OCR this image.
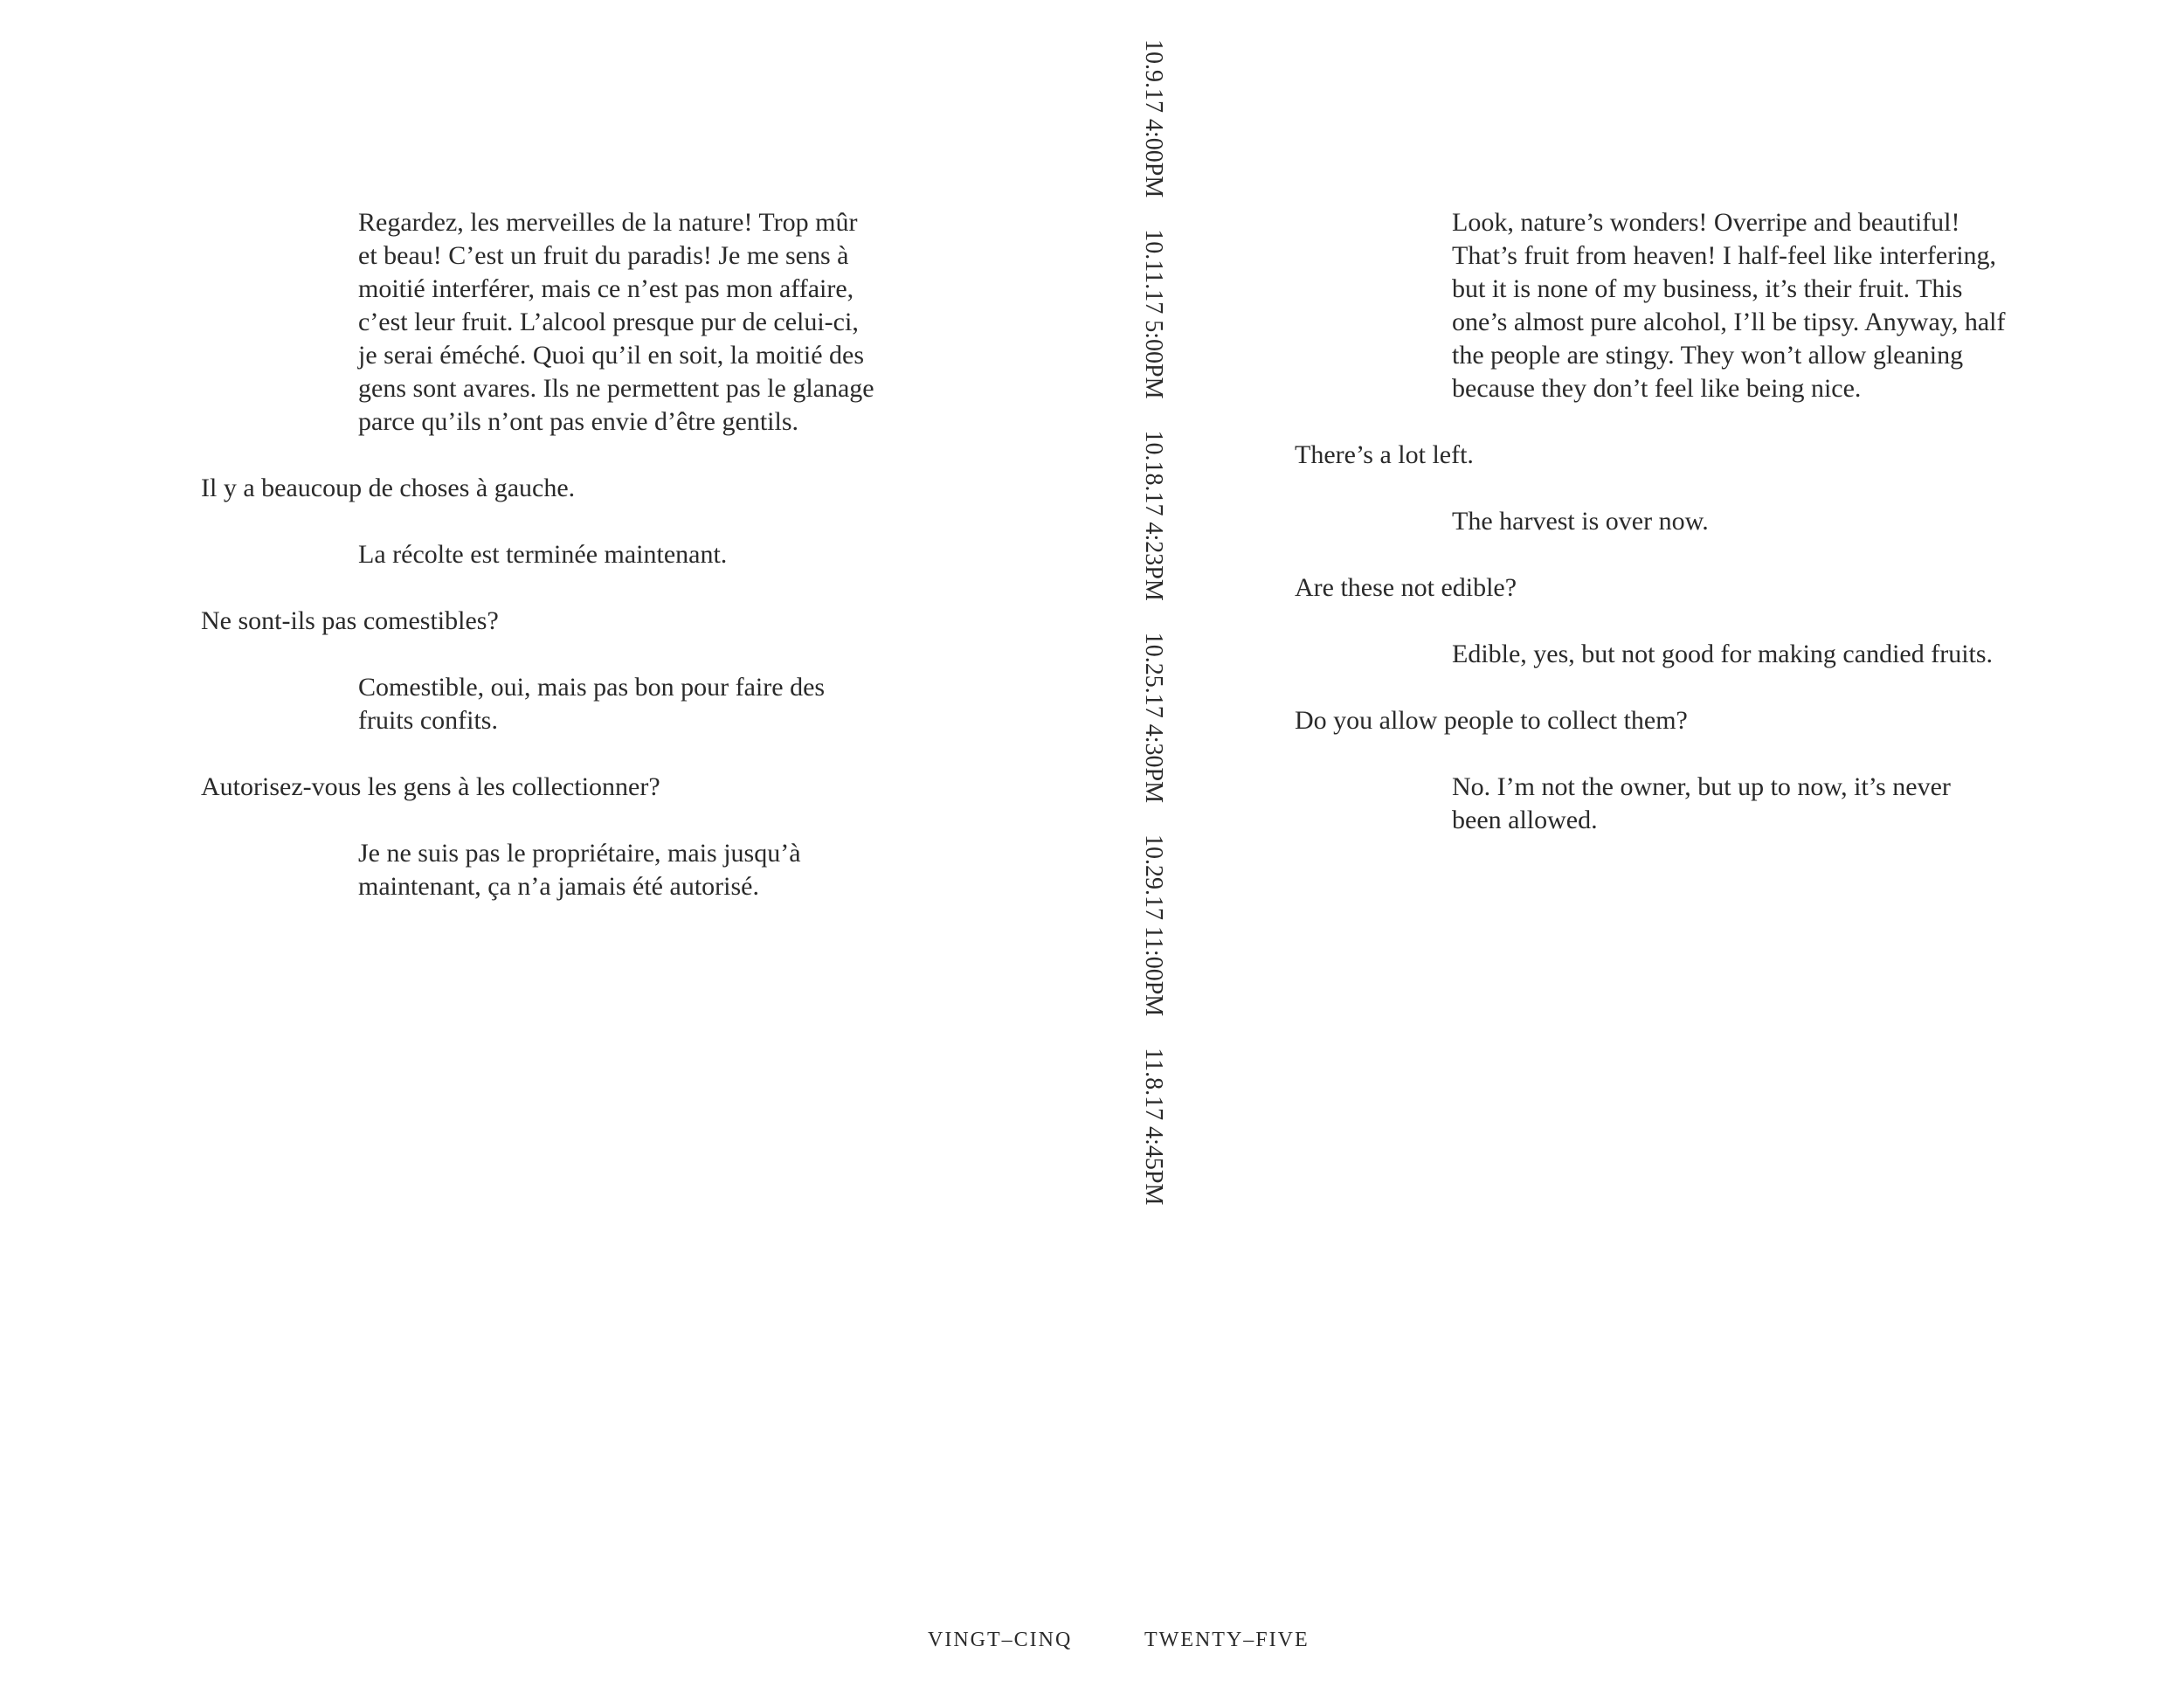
Regardez, les merveilles de la nature! Trop mûr

et beau! C’est un fruit du paradis! Je me sens à

moitié interférer, mais ce n’est pas mon affaire,

c’est leur fruit. L’alcool presque pur de celui-ci,

je serai éméché. Quoi qu’il en soit, la moitié des

gens sont avares. Ils ne permettent pas le glanage

parce qu’ils n’ont pas envie d’être gentils.

Il y a beaucoup de choses à gauche.

La récolte est terminée maintenant.

Ne sont-ils pas comestibles?

Comestible, oui, mais pas bon pour faire des

fruits confits.

Autorisez-vous les gens à les collectionner?

Je ne suis pas le propriétaire, mais jusqu’à

maintenant, ça n’a jamais été autorisé.

VINGT–CINQ
10.9.17 4:00PM10.11.17 5:00PM10.18.17 4:23PM10.25.17 4:30PM10.29.17 11:00PM11.8.17 4:45PM

Look, nature’s wonders! Overripe and beautiful!

That’s fruit from heaven! I half-feel like interfering,

but it is none of my business, it’s their fruit. This

one’s almost pure alcohol, I’ll be tipsy. Anyway, half

the people are stingy. They won’t allow gleaning

because they don’t feel like being nice.

There’s a lot left.

The harvest is over now.

Are these not edible?

Edible, yes, but not good for making candied fruits.

Do you allow people to collect them?

No. I’m not the owner, but up to now, it’s never

been allowed.

TWENTY–FIVE
